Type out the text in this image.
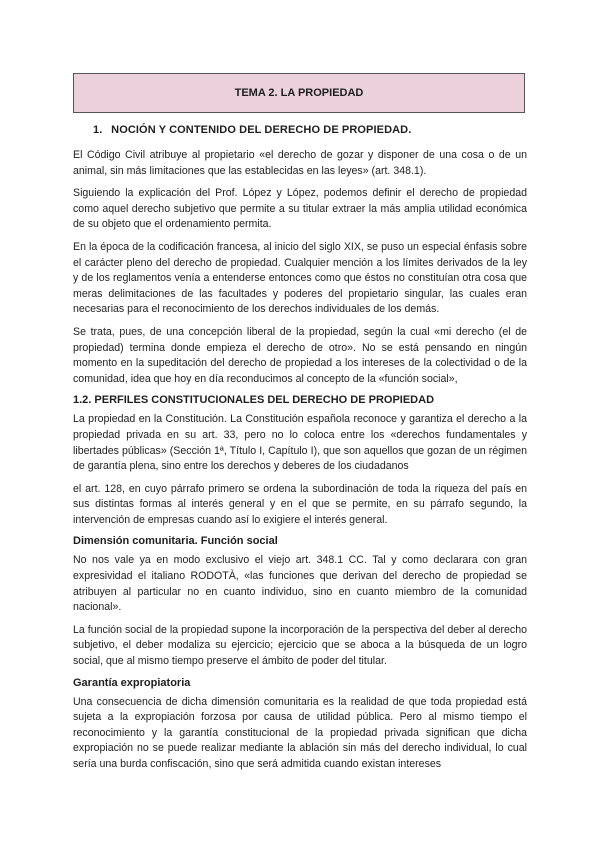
TEMA 2. LA PROPIEDAD
1. NOCIÓN Y CONTENIDO DEL DERECHO DE PROPIEDAD.

El Código Civil atribuye al propietario «el derecho de gozar y disponer de una cosa o de un animal, sin más limitaciones que las establecidas en las leyes» (art. 348.1).

Siguiendo la explicación del Prof. López y López, podemos definir el derecho de propiedad como aquel derecho subjetivo que permite a su titular extraer la más amplia utilidad económica de su objeto que el ordenamiento permita.

En la época de la codificación francesa, al inicio del siglo XIX, se puso un especial énfasis sobre el carácter pleno del derecho de propiedad. Cualquier mención a los límites derivados de la ley y de los reglamentos venía a entenderse entonces como que éstos no constituían otra cosa que meras delimitaciones de las facultades y poderes del propietario singular, las cuales eran necesarias para el reconocimiento de los derechos individuales de los demás.

Se trata, pues, de una concepción liberal de la propiedad, según la cual «mi derecho (el de propiedad) termina donde empieza el derecho de otro». No se está pensando en ningún momento en la supeditación del derecho de propiedad a los intereses de la colectividad o de la comunidad, idea que hoy en día reconducimos al concepto de la «función social»,

1.2. PERFILES CONSTITUCIONALES DEL DERECHO DE PROPIEDAD

La propiedad en la Constitución. La Constitución española reconoce y garantiza el derecho a la propiedad privada en su art. 33, pero no lo coloca entre los «derechos fundamentales y libertades públicas» (Sección 1ª, Título I, Capítulo I), que son aquellos que gozan de un régimen de garantía plena, sino entre los derechos y deberes de los ciudadanos

el art. 128, en cuyo párrafo primero se ordena la subordinación de toda la riqueza del país en sus distintas formas al interés general y en el que se permite, en su párrafo segundo, la intervención de empresas cuando así lo exigiere el interés general.

Dimensión comunitaria. Función social

No nos vale ya en modo exclusivo el viejo art. 348.1 CC. Tal y como declarara con gran expresividad el italiano RODOTÀ, «las funciones que derivan del derecho de propiedad se atribuyen al particular no en cuanto individuo, sino en cuanto miembro de la comunidad nacional».

La función social de la propiedad supone la incorporación de la perspectiva del deber al derecho subjetivo, el deber modaliza su ejercicio; ejercicio que se aboca a la búsqueda de un logro social, que al mismo tiempo preserve el ámbito de poder del titular.

Garantía expropiatoria

Una consecuencia de dicha dimensión comunitaria es la realidad de que toda propiedad está sujeta a la expropiación forzosa por causa de utilidad pública. Pero al mismo tiempo el reconocimiento y la garantía constitucional de la propiedad privada significan que dicha expropiación no se puede realizar mediante la ablación sin más del derecho individual, lo cual sería una burda confiscación, sino que será admitida cuando existan intereses
